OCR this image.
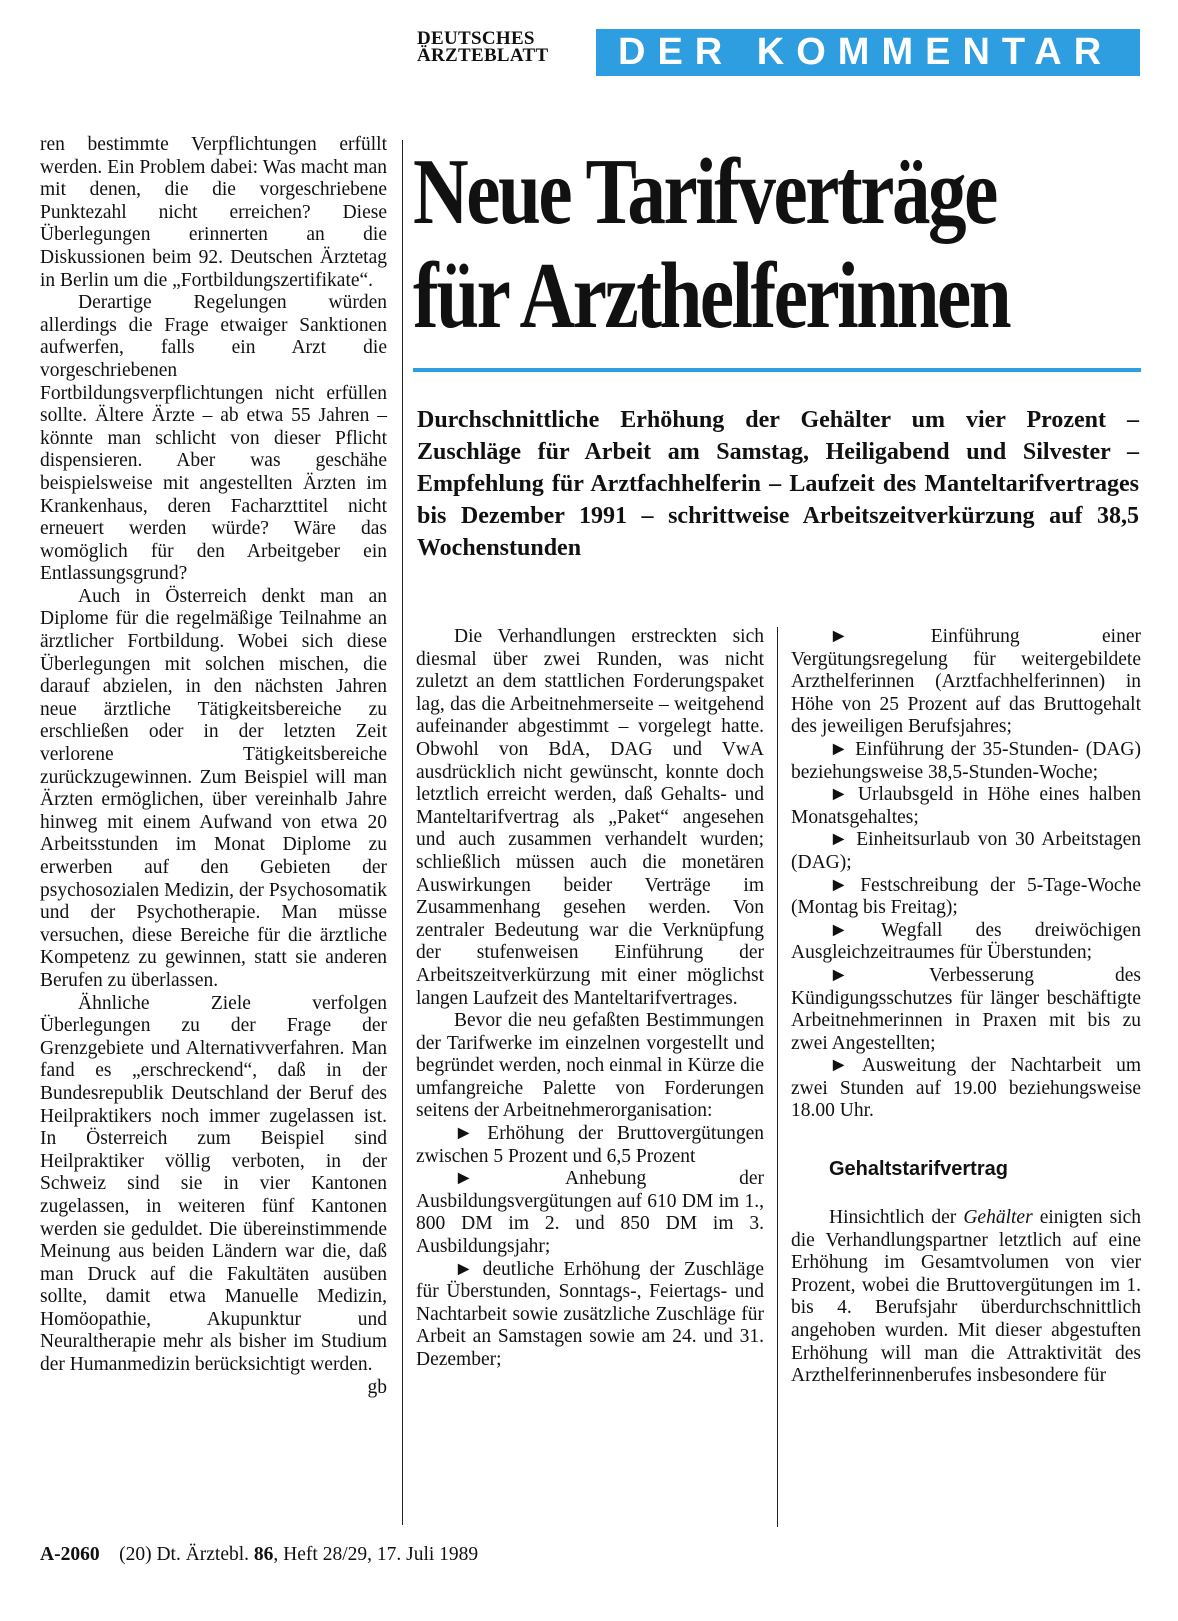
DEUTSCHES
ÄRZTEBLATT	DER KOMMENTAR
Neue Tarifverträge
für Arzthelferinnen
Durchschnittliche Erhöhung der Gehälter um vier Prozent – Zuschläge für Arbeit am Samstag, Heiligabend und Silvester – Empfehlung für Arztfachhelferin – Laufzeit des Manteltarifvertrages bis Dezember 1991 – schrittweise Arbeitszeitverkürzung auf 38,5 Wochenstunden

ren bestimmte Verpflichtungen erfüllt werden. Ein Problem dabei: Was macht man mit denen, die die vorgeschriebene Punktezahl nicht erreichen? Diese Überlegungen erinnerten an die Diskussionen beim 92. Deutschen Ärztetag in Berlin um die „Fortbildungszertifikate“.

Derartige Regelungen würden allerdings die Frage etwaiger Sanktionen aufwerfen, falls ein Arzt die vorgeschriebenen Fortbildungsverpflichtungen nicht erfüllen sollte. Ältere Ärzte – ab etwa 55 Jahren – könnte man schlicht von dieser Pflicht dispensieren. Aber was geschähe beispielsweise mit angestellten Ärzten im Krankenhaus, deren Facharzttitel nicht erneuert werden würde? Wäre das womöglich für den Arbeitgeber ein Entlassungsgrund?

Auch in Österreich denkt man an Diplome für die regelmäßige Teilnahme an ärztlicher Fortbildung. Wobei sich diese Überlegungen mit solchen mischen, die darauf abzielen, in den nächsten Jahren neue ärztliche Tätigkeitsbereiche zu erschließen oder in der letzten Zeit verlorene Tätigkeitsbereiche zurückzugewinnen. Zum Beispiel will man Ärzten ermöglichen, über vereinhalb Jahre hinweg mit einem Aufwand von etwa 20 Arbeitsstunden im Monat Diplome zu erwerben auf den Gebieten der psychosozialen Medizin, der Psychosomatik und der Psychotherapie. Man müsse versuchen, diese Bereiche für die ärztliche Kompetenz zu gewinnen, statt sie anderen Berufen zu überlassen.

Ähnliche Ziele verfolgen Überlegungen zu der Frage der Grenzgebiete und Alternativverfahren. Man fand es „erschreckend“, daß in der Bundesrepublik Deutschland der Beruf des Heilpraktikers noch immer zugelassen ist. In Österreich zum Beispiel sind Heilpraktiker völlig verboten, in der Schweiz sind sie in vier Kantonen zugelassen, in weiteren fünf Kantonen werden sie geduldet. Die übereinstimmende Meinung aus beiden Ländern war die, daß man Druck auf die Fakultäten ausüben sollte, damit etwa Manuelle Medizin, Homöopathie, Akupunktur und Neuraltherapie mehr als bisher im Studium der Humanmedizin berücksichtigt werden.
gb

Die Verhandlungen erstreckten sich diesmal über zwei Runden, was nicht zuletzt an dem stattlichen Forderungspaket lag, das die Arbeitnehmerseite – weitgehend aufeinander abgestimmt – vorgelegt hatte. Obwohl von BdA, DAG und VwA ausdrücklich nicht gewünscht, konnte doch letztlich erreicht werden, daß Gehalts- und Manteltarifvertrag als „Paket“ angesehen und auch zusammen verhandelt wurden; schließlich müssen auch die monetären Auswirkungen beider Verträge im Zusammenhang gesehen werden. Von zentraler Bedeutung war die Verknüpfung der stufenweisen Einführung der Arbeitszeitverkürzung mit einer möglichst langen Laufzeit des Manteltarifvertrages.

Bevor die neu gefaßten Bestimmungen der Tarifwerke im einzelnen vorgestellt und begründet werden, noch einmal in Kürze die umfangreiche Palette von Forderungen seitens der Arbeitnehmerorganisation:

► Erhöhung der Bruttovergütungen zwischen 5 Prozent und 6,5 Prozent

► Anhebung der Ausbildungsvergütungen auf 610 DM im 1., 800 DM im 2. und 850 DM im 3. Ausbildungsjahr;

► deutliche Erhöhung der Zuschläge für Überstunden, Sonntags-, Feiertags- und Nachtarbeit sowie zusätzliche Zuschläge für Arbeit an Samstagen sowie am 24. und 31. Dezember;

► Einführung einer Vergütungsregelung für weitergebildete Arzthelferinnen (Arztfachhelferinnen) in Höhe von 25 Prozent auf das Bruttogehalt des jeweiligen Berufsjahres;

► Einführung der 35-Stunden- (DAG) beziehungsweise 38,5-Stunden-Woche;

► Urlaubsgeld in Höhe eines halben Monatsgehaltes;

► Einheitsurlaub von 30 Arbeitstagen (DAG);

► Festschreibung der 5-Tage-Woche (Montag bis Freitag);

► Wegfall des dreiwöchigen Ausgleichzeitraumes für Überstunden;

► Verbesserung des Kündigungsschutzes für länger beschäftigte Arbeitnehmerinnen in Praxen mit bis zu zwei Angestellten;

► Ausweitung der Nachtarbeit um zwei Stunden auf 19.00 beziehungsweise 18.00 Uhr.

Gehaltstarifvertrag

Hinsichtlich der Gehälter einigten sich die Verhandlungspartner letztlich auf eine Erhöhung im Gesamtvolumen von vier Prozent, wobei die Bruttovergütungen im 1. bis 4. Berufsjahr überdurchschnittlich angehoben wurden. Mit dieser abgestuften Erhöhung will man die Attraktivität des Arzthelferinnenberufes insbesondere für

A-2060 (20) Dt. Ärztebl. 86, Heft 28/29, 17. Juli 1989
